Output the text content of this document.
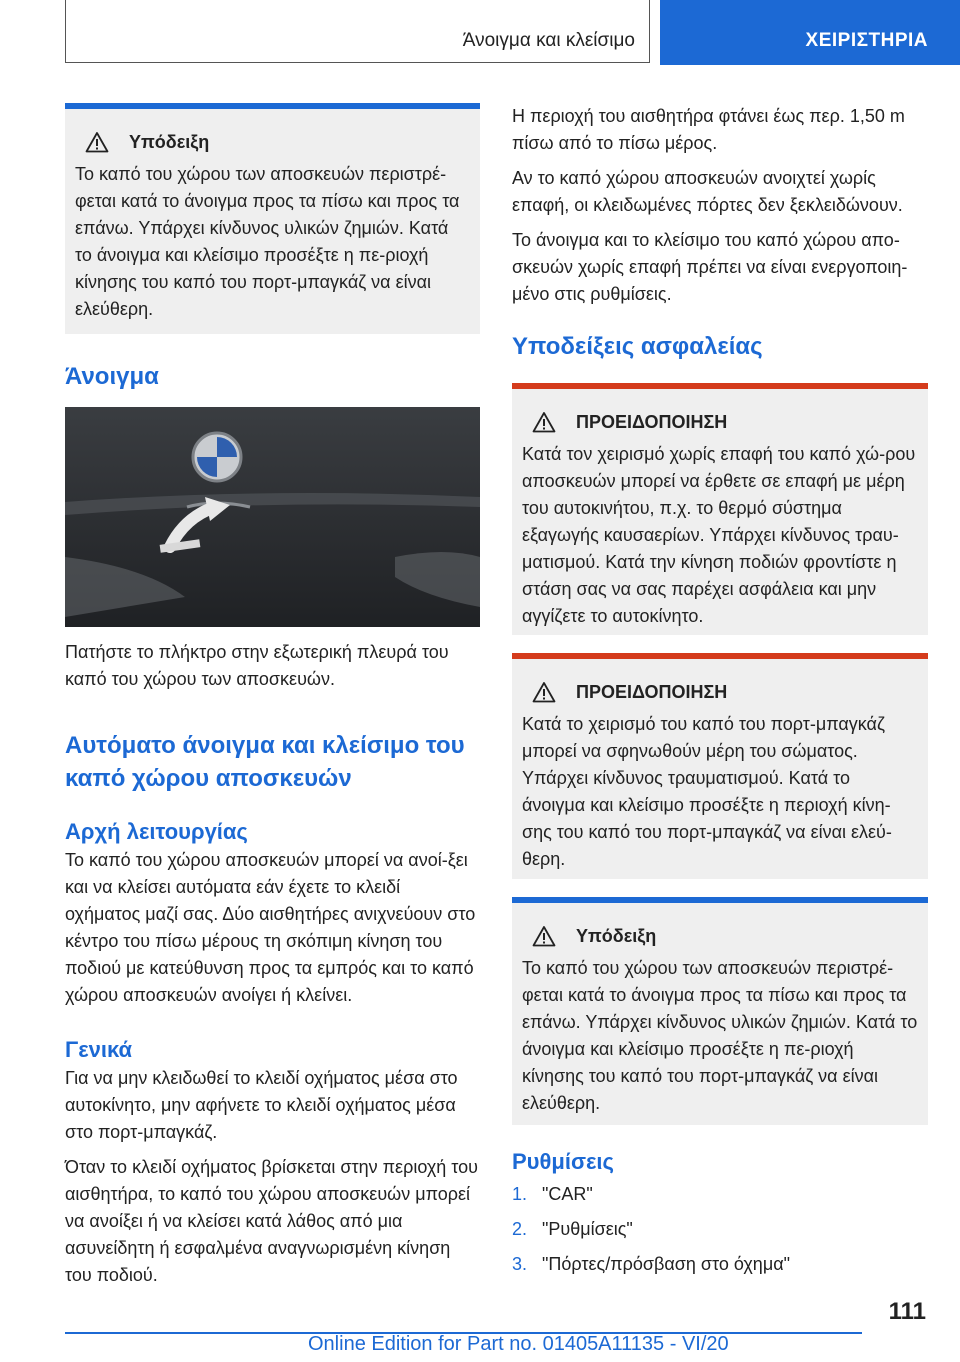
Άνοιγμα και κλείσιμο	ΧΕΙΡΙΣΤΗΡΙΑ
Υπόδειξη

Το καπό του χώρου των αποσκευών περιστρέ-φεται κατά το άνοιγμα προς τα πίσω και προς τα επάνω. Υπάρχει κίνδυνος υλικών ζημιών. Κατά το άνοιγμα και κλείσιμο προσέξτε η πε-ριοχή κίνησης του καπό του πορτ-μπαγκάζ να είναι ελεύθερη.

Άνοιγμα

Πατήστε το πλήκτρο στην εξωτερική πλευρά του καπό του χώρου των αποσκευών.

Αυτόματο άνοιγμα και κλείσιμο του καπό χώρου αποσκευών
Αρχή λειτουργίας

Το καπό του χώρου αποσκευών μπορεί να ανοί-ξει και να κλείσει αυτόματα εάν έχετε το κλειδί οχήματος μαζί σας. Δύο αισθητήρες ανιχνεύουν στο κέντρο του πίσω μέρους τη σκόπιμη κίνηση του ποδιού με κατεύθυνση προς τα εμπρός και το καπό χώρου αποσκευών ανοίγει ή κλείνει.

Γενικά

Για να μην κλειδωθεί το κλειδί οχήματος μέσα στο αυτοκίνητο, μην αφήνετε το κλειδί οχήματος μέσα στο πορτ-μπαγκάζ.

Όταν το κλειδί οχήματος βρίσκεται στην περιοχή του αισθητήρα, το καπό του χώρου αποσκευών μπορεί να ανοίξει ή να κλείσει κατά λάθος από μια ασυνείδητη ή εσφαλμένα αναγνωρισμένη κίνηση του ποδιού.

Η περιοχή του αισθητήρα φτάνει έως περ. 1,50 m πίσω από το πίσω μέρος.

Αν το καπό χώρου αποσκευών ανοιχτεί χωρίς επαφή, οι κλειδωμένες πόρτες δεν ξεκλειδώνουν.

Το άνοιγμα και το κλείσιμο του καπό χώρου απο-σκευών χωρίς επαφή πρέπει να είναι ενεργοποιη-μένο στις ρυθμίσεις.

Υποδείξεις ασφαλείας
ΠΡΟΕΙΔΟΠΟΙΗΣΗ

Κατά τον χειρισμό χωρίς επαφή του καπό χώ-ρου αποσκευών μπορεί να έρθετε σε επαφή με μέρη του αυτοκινήτου, π.χ. το θερμό σύστημα εξαγωγής καυσαερίων. Υπάρχει κίνδυνος τραυ-ματισμού. Κατά την κίνηση ποδιών φροντίστε η στάση σας να σας παρέχει ασφάλεια και μην αγγίζετε το αυτοκίνητο.

ΠΡΟΕΙΔΟΠΟΙΗΣΗ

Κατά το χειρισμό του καπό του πορτ-μπαγκάζ μπορεί να σφηνωθούν μέρη του σώματος. Υπάρχει κίνδυνος τραυματισμού. Κατά το άνοιγμα και κλείσιμο προσέξτε η περιοχή κίνη-σης του καπό του πορτ-μπαγκάζ να είναι ελεύ-θερη.

Υπόδειξη

Το καπό του χώρου των αποσκευών περιστρέ-φεται κατά το άνοιγμα προς τα πίσω και προς τα επάνω. Υπάρχει κίνδυνος υλικών ζημιών. Κατά το άνοιγμα και κλείσιμο προσέξτε η πε-ριοχή κίνησης του καπό του πορτ-μπαγκάζ να είναι ελεύθερη.

Ρυθμίσεις
1. "CAR"
2. "Ρυθμίσεις"
3. "Πόρτες/πρόσβαση στο όχημα"
111
Online Edition for Part no. 01405A11135 - VI/20
